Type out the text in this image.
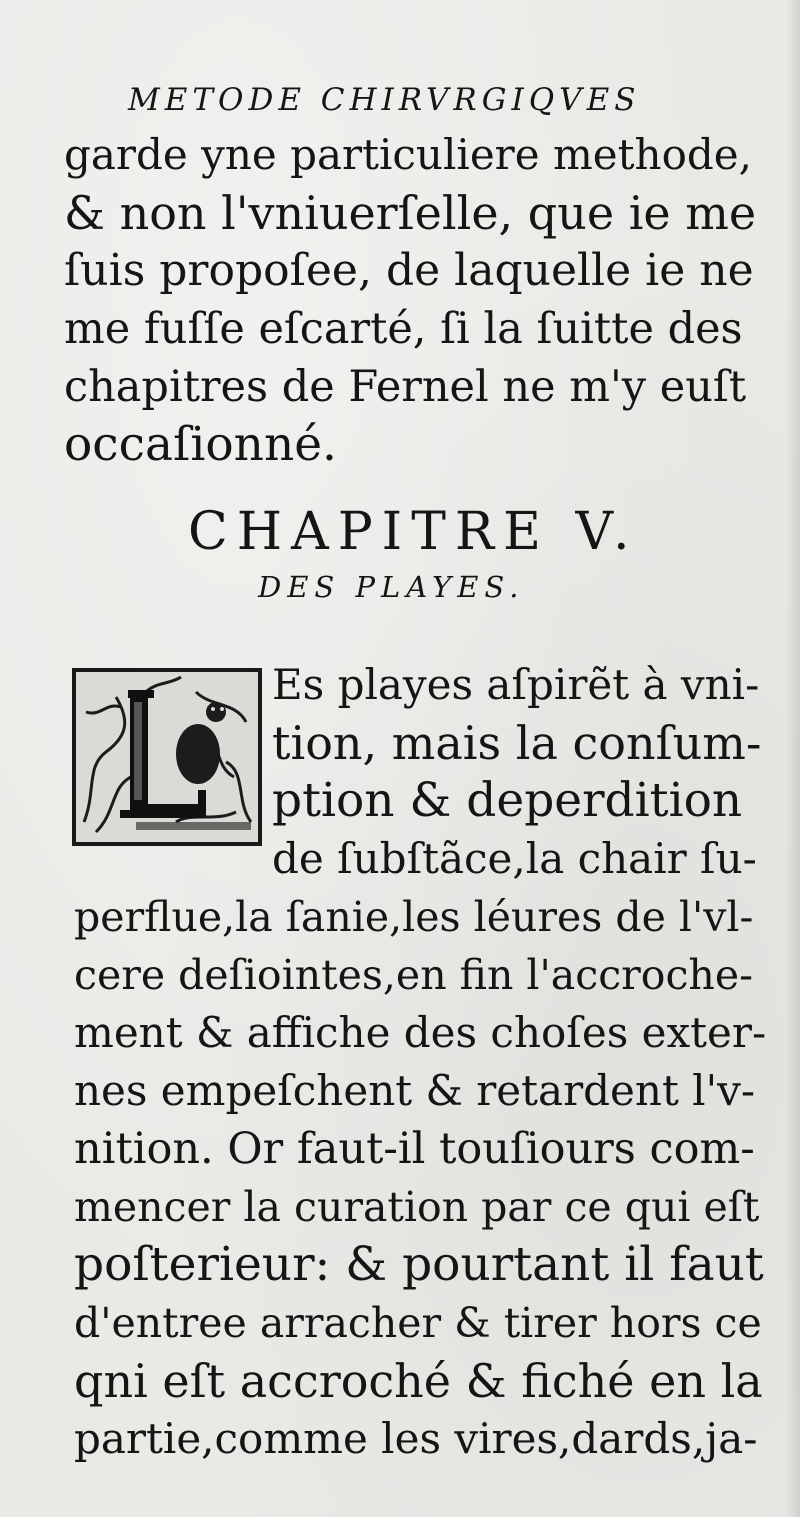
METODE CHIRVRGIQVES
garde yne particuliere methode,
& non l'vniuerſelle, que ie me
ſuis propoſee, de laquelle ie ne
me fuſſe eſcarté, ſi la ſuitte des
chapitres de Fernel ne m'y euſt
occaſionné.
CHAPITRE V.
DES PLAYES.
Es playes aſpirẽt à vni-
tion, mais la conſum-
ption & deperdition
de ſubſtãce,la chair ſu-
perflue,la ſanie,les léures de l'vl-
cere deſiointes,en fin l'accroche-
ment & affiche des choſes exter-
nes empeſchent & retardent l'v-
nition. Or faut-il touſiours com-
mencer la curation par ce qui eſt
poſterieur: & pourtant il faut
d'entree arracher & tirer hors ce
qni eſt accroché & fiché en la
partie,comme les vires,dards,ja-
